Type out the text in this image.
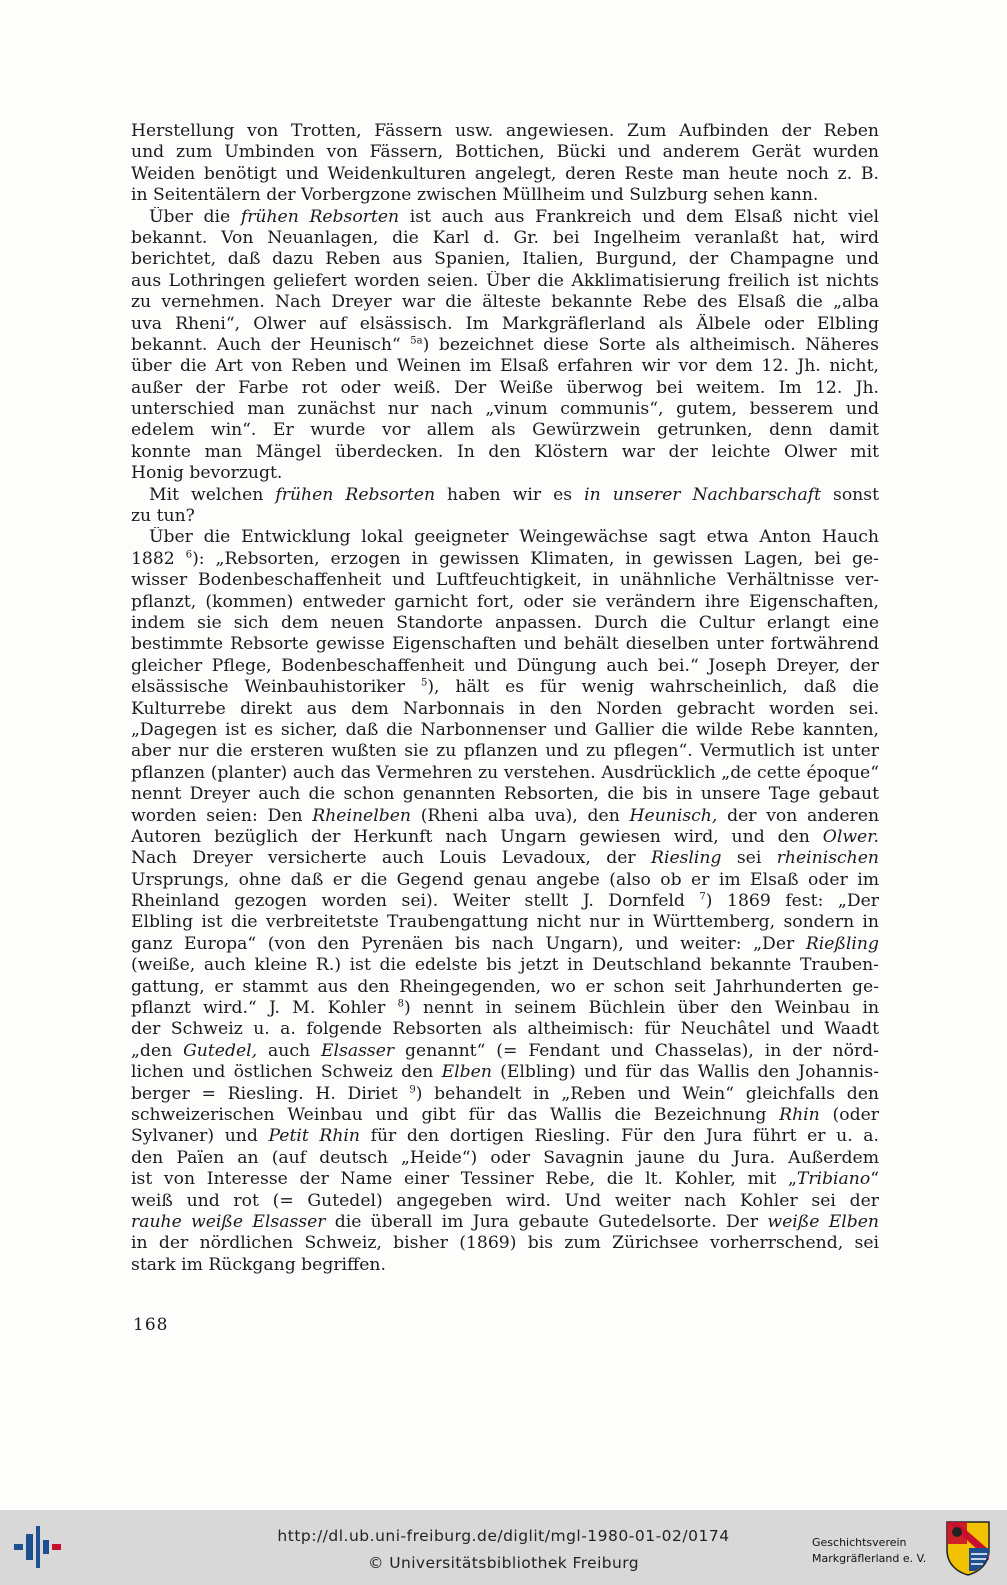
Herstellung von Trotten, Fässern usw. angewiesen. Zum Aufbinden der Reben
und zum Umbinden von Fässern, Bottichen, Bücki und anderem Gerät wurden
Weiden benötigt und Weidenkulturen angelegt, deren Reste man heute noch z. B.
in Seitentälern der Vorbergzone zwischen Müllheim und Sulzburg sehen kann.
Über die frühen Rebsorten ist auch aus Frankreich und dem Elsaß nicht viel
bekannt. Von Neuanlagen, die Karl d. Gr. bei Ingelheim veranlaßt hat, wird
berichtet, daß dazu Reben aus Spanien, Italien, Burgund, der Champagne und
aus Lothringen geliefert worden seien. Über die Akklimatisierung freilich ist nichts
zu vernehmen. Nach Dreyer war die älteste bekannte Rebe des Elsaß die „alba
uva Rheni“, Olwer auf elsässisch. Im Markgräflerland als Älbele oder Elbling
bekannt. Auch der Heunisch“ $^{5a}$) bezeichnet diese Sorte als altheimisch. Näheres
über die Art von Reben und Weinen im Elsaß erfahren wir vor dem 12. Jh. nicht,
außer der Farbe rot oder weiß. Der Weiße überwog bei weitem. Im 12. Jh.
unterschied man zunächst nur nach „vinum communis“, gutem, besserem und
edelem win“. Er wurde vor allem als Gewürzwein getrunken, denn damit
konnte man Mängel überdecken. In den Klöstern war der leichte Olwer mit
Honig bevorzugt.
Mit welchen frühen Rebsorten haben wir es in unserer Nachbarschaft sonst
zu tun?
Über die Entwicklung lokal geeigneter Weingewächse sagt etwa Anton Hauch
1882 $^6$): „Rebsorten, erzogen in gewissen Klimaten, in gewissen Lagen, bei ge-
wisser Bodenbeschaffenheit und Luftfeuchtigkeit, in unähnliche Verhältnisse ver-
pflanzt, (kommen) entweder garnicht fort, oder sie verändern ihre Eigenschaften,
indem sie sich dem neuen Standorte anpassen. Durch die Cultur erlangt eine
bestimmte Rebsorte gewisse Eigenschaften und behält dieselben unter fortwährend
gleicher Pflege, Bodenbeschaffenheit und Düngung auch bei.“ Joseph Dreyer, der
elsässische Weinbauhistoriker $^5$), hält es für wenig wahrscheinlich, daß die
Kulturrebe direkt aus dem Narbonnais in den Norden gebracht worden sei.
„Dagegen ist es sicher, daß die Narbonnenser und Gallier die wilde Rebe kannten,
aber nur die ersteren wußten sie zu pflanzen und zu pflegen“. Vermutlich ist unter
pflanzen (planter) auch das Vermehren zu verstehen. Ausdrücklich „de cette époque“
nennt Dreyer auch die schon genannten Rebsorten, die bis in unsere Tage gebaut
worden seien: Den Rheinelben (Rheni alba uva), den Heunisch, der von anderen
Autoren bezüglich der Herkunft nach Ungarn gewiesen wird, und den Olwer.
Nach Dreyer versicherte auch Louis Levadoux, der Riesling sei rheinischen
Ursprungs, ohne daß er die Gegend genau angebe (also ob er im Elsaß oder im
Rheinland gezogen worden sei). Weiter stellt J. Dornfeld $^7$) 1869 fest: „Der
Elbling ist die verbreitetste Traubengattung nicht nur in Württemberg, sondern in
ganz Europa“ (von den Pyrenäen bis nach Ungarn), und weiter: „Der Rießling
(weiße, auch kleine R.) ist die edelste bis jetzt in Deutschland bekannte Trauben-
gattung, er stammt aus den Rheingegenden, wo er schon seit Jahrhunderten ge-
pflanzt wird.“ J. M. Kohler $^8$) nennt in seinem Büchlein über den Weinbau in
der Schweiz u. a. folgende Rebsorten als altheimisch: für Neuchâtel und Waadt
„den Gutedel, auch Elsasser genannt“ (= Fendant und Chasselas), in der nörd-
lichen und östlichen Schweiz den Elben (Elbling) und für das Wallis den Johannis-
berger = Riesling. H. Diriet $^9$) behandelt in „Reben und Wein“ gleichfalls den
schweizerischen Weinbau und gibt für das Wallis die Bezeichnung Rhin (oder
Sylvaner) und Petit Rhin für den dortigen Riesling. Für den Jura führt er u. a.
den Païen an (auf deutsch „Heide“) oder Savagnin jaune du Jura. Außerdem
ist von Interesse der Name einer Tessiner Rebe, die lt. Kohler, mit „Tribiano“
weiß und rot (= Gutedel) angegeben wird. Und weiter nach Kohler sei der
rauhe weiße Elsasser die überall im Jura gebaute Gutedelsorte. Der weiße Elben
in der nördlichen Schweiz, bisher (1869) bis zum Zürichsee vorherrschend, sei
stark im Rückgang begriffen.
168
http://dl.ub.uni-freiburg.de/diglit/mgl-1980-01-02/0174
© Universitätsbibliothek Freiburg
Geschichtsverein
Markgräflerland e. V.
